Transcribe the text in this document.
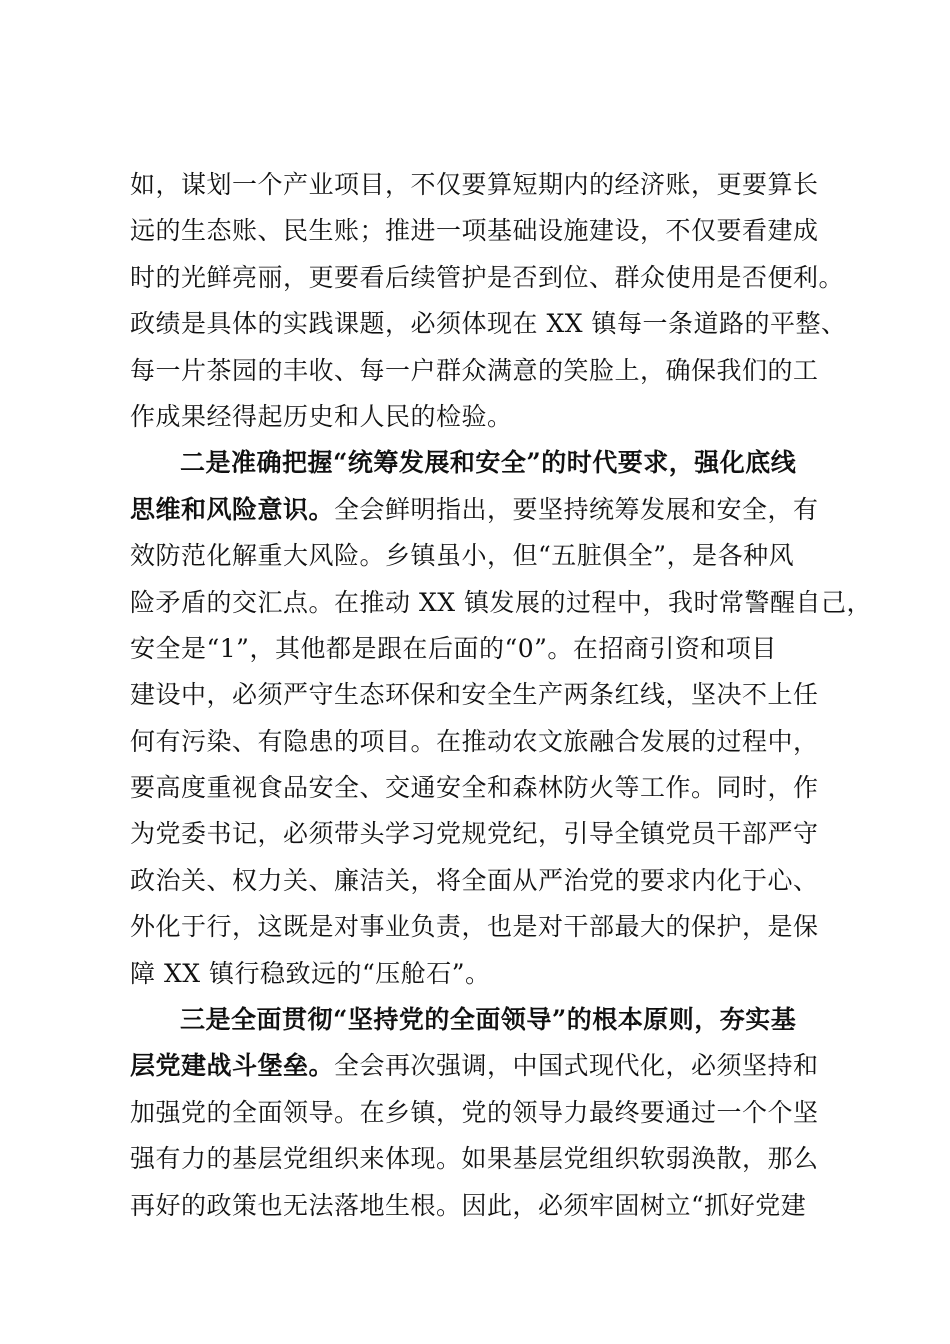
如，谋划一个产业项目，不仅要算短期内的经济账，更要算长
远的生态账、民生账；推进一项基础设施建设，不仅要看建成
时的光鲜亮丽，更要看后续管护是否到位、群众使用是否便利。
政绩是具体的实践课题，必须体现在 XX 镇每一条道路的平整、
每一片茶园的丰收、每一户群众满意的笑脸上，确保我们的工
作成果经得起历史和人民的检验。
二是准确把握“统筹发展和安全”的时代要求，强化底线
思维和风险意识。全会鲜明指出，要坚持统筹发展和安全，有
效防范化解重大风险。乡镇虽小，但“五脏俱全”，是各种风
险矛盾的交汇点。在推动 XX 镇发展的过程中，我时常警醒自己，
安全是“1”，其他都是跟在后面的“0”。在招商引资和项目
建设中，必须严守生态环保和安全生产两条红线，坚决不上任
何有污染、有隐患的项目。在推动农文旅融合发展的过程中，
要高度重视食品安全、交通安全和森林防火等工作。同时，作
为党委书记，必须带头学习党规党纪，引导全镇党员干部严守
政治关、权力关、廉洁关，将全面从严治党的要求内化于心、
外化于行，这既是对事业负责，也是对干部最大的保护，是保
障 XX 镇行稳致远的“压舱石”。
三是全面贯彻“坚持党的全面领导”的根本原则，夯实基
层党建战斗堡垒。全会再次强调，中国式现代化，必须坚持和
加强党的全面领导。在乡镇，党的领导力最终要通过一个个坚
强有力的基层党组织来体现。如果基层党组织软弱涣散，那么
再好的政策也无法落地生根。因此，必须牢固树立“抓好党建
